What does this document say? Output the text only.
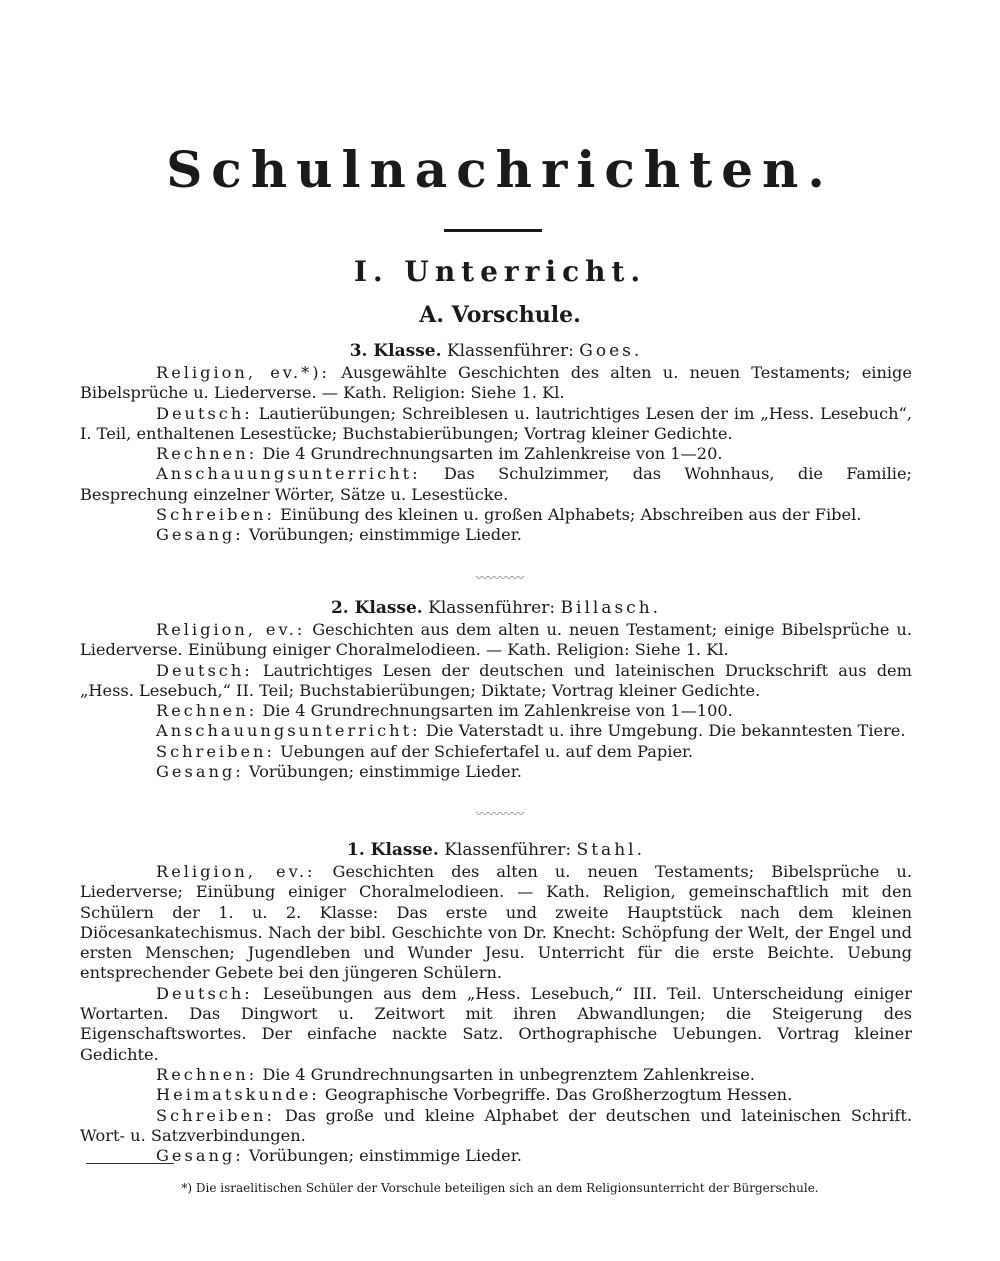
Schulnachrichten.
I. Unterricht.
A. Vorschule.
3. Klasse. Klassenführer: Goes.
Religion, ev.*): Ausgewählte Geschichten des alten u. neuen Testaments; einige Bibelsprüche u. Liederverse. — Kath. Religion: Siehe 1. Kl.
Deutsch: Lautierübungen; Schreiblesen u. lautrichtiges Lesen der im „Hess. Lesebuch“, I. Teil, enthaltenen Lesestücke; Buchstabierübungen; Vortrag kleiner Gedichte.
Rechnen: Die 4 Grundrechnungsarten im Zahlenkreise von 1—20.
Anschauungsunterricht: Das Schulzimmer, das Wohnhaus, die Familie; Besprechung einzelner Wörter, Sätze u. Lesestücke.
Schreiben: Einübung des kleinen u. großen Alphabets; Abschreiben aus der Fibel.
Gesang: Vorübungen; einstimmige Lieder.
〰〰〰〰
2. Klasse. Klassenführer: Billasch.
Religion, ev.: Geschichten aus dem alten u. neuen Testament; einige Bibelsprüche u. Liederverse. Einübung einiger Choralmelodieen. — Kath. Religion: Siehe 1. Kl.
Deutsch: Lautrichtiges Lesen der deutschen und lateinischen Druckschrift aus dem „Hess. Lesebuch,“ II. Teil; Buchstabierübungen; Diktate; Vortrag kleiner Gedichte.
Rechnen: Die 4 Grundrechnungsarten im Zahlenkreise von 1—100.
Anschauungsunterricht: Die Vaterstadt u. ihre Umgebung. Die bekanntesten Tiere.
Schreiben: Uebungen auf der Schiefertafel u. auf dem Papier.
Gesang: Vorübungen; einstimmige Lieder.
〰〰〰〰
1. Klasse. Klassenführer: Stahl.
Religion, ev.: Geschichten des alten u. neuen Testaments; Bibelsprüche u. Liederverse; Einübung einiger Choralmelodieen. — Kath. Religion, gemeinschaftlich mit den Schülern der 1. u. 2. Klasse: Das erste und zweite Hauptstück nach dem kleinen Diöcesankatechismus. Nach der bibl. Geschichte von Dr. Knecht: Schöpfung der Welt, der Engel und ersten Menschen; Jugendleben und Wunder Jesu. Unterricht für die erste Beichte. Uebung entsprechender Gebete bei den jüngeren Schülern.
Deutsch: Leseübungen aus dem „Hess. Lesebuch,“ III. Teil. Unterscheidung einiger Wortarten. Das Dingwort u. Zeitwort mit ihren Abwandlungen; die Steigerung des Eigenschaftswortes. Der einfache nackte Satz. Orthographische Uebungen. Vortrag kleiner Gedichte.
Rechnen: Die 4 Grundrechnungsarten in unbegrenztem Zahlenkreise.
Heimatskunde: Geographische Vorbegriffe. Das Großherzogtum Hessen.
Schreiben: Das große und kleine Alphabet der deutschen und lateinischen Schrift. Wort- u. Satzverbindungen.
Gesang: Vorübungen; einstimmige Lieder.
*) Die israelitischen Schüler der Vorschule beteiligen sich an dem Religionsunterricht der Bürgerschule.
